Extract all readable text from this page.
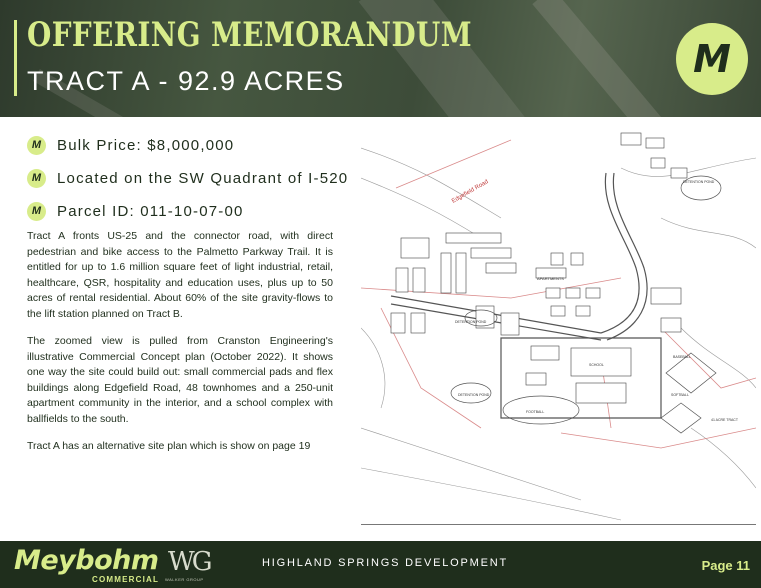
OFFERING MEMORANDUM
TRACT A - 92.9 ACRES	M
M Bulk Price: $8,000,000
M Located on the SW Quadrant of I-520
M Parcel ID: 011-10-07-00

Tract A fronts US-25 and the connector road, with direct pedestrian and bike access to the Palmetto Parkway Trail. It is entitled for up to 1.6 million square feet of light industrial, retail, healthcare, QSR, hospitality and education uses, plus up to 50 acres of rental residential. About 60% of the site gravity-flows to the lift station planned on Tract B.

The zoomed view is pulled from Cranston Engineering's illustrative Commercial Concept plan (October 2022). It shows one way the site could build out: small commercial pads and flex buildings along Edgefield Road, 48 townhomes and a 250-unit apartment community in the interior, and a school complex with ballfields to the south.

Tract A has an alternative site plan which is show on page 19

Edgefield Road
APARTMENTS
DETENTION POND
DETENTION POND
DETENTION POND
FOOTBALL
BASEBALL
SOFTBALL
SCHOOL
41 ACRE TRACT
Meybohm
COMMERCIAL
WG
WALKER GROUP
HIGHLAND SPRINGS DEVELOPMENT	Page 11
